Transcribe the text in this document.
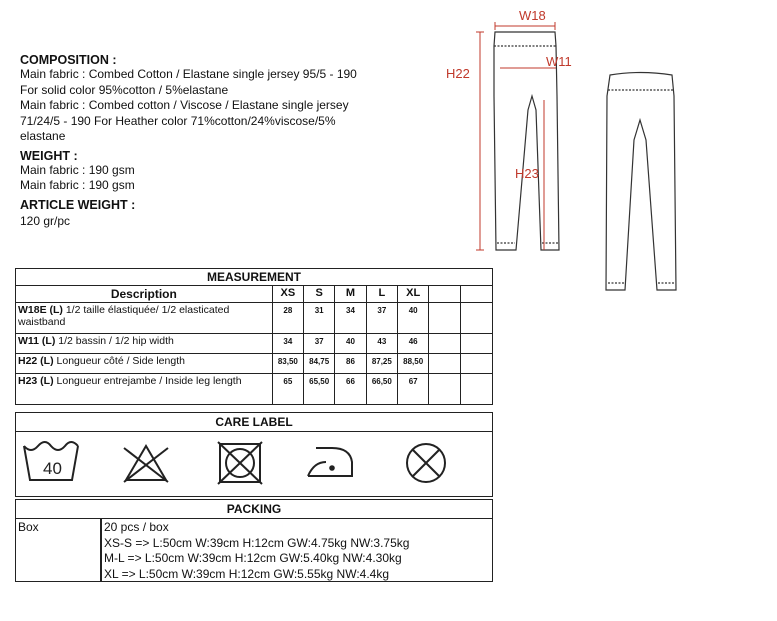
COMPOSITION :
Main fabric : Combed Cotton / Elastane single jersey 95/5 - 190
For solid color 95%cotton / 5%elastane
Main fabric : Combed cotton / Viscose / Elastane single jersey
71/24/5 - 190 For Heather color 71%cotton/24%viscose/5%
elastane
WEIGHT :
Main fabric : 190 gsm
Main fabric : 190 gsm
ARTICLE WEIGHT :
120 gr/pc
W18
W11
H22
H23
MEASUREMENT							
Description	XS	S	M	L	XL		
W18E (L) 1/2 taille élastiquée/ 1/2 elasticated waistband	28	31	34	37	40		
W11 (L) 1/2 bassin / 1/2 hip width	34	37	40	43	46		
H22 (L) Longueur côté / Side length	83,50	84,75	86	87,25	88,50		
H23 (L) Longueur entrejambe / Inside leg length	65	65,50	66	66,50	67		
CARE LABEL
40
PACKING
Box	20 pcs / box
XS-S => L:50cm W:39cm H:12cm GW:4.75kg NW:3.75kg
M-L => L:50cm W:39cm H:12cm GW:5.40kg NW:4.30kg
XL => L:50cm W:39cm H:12cm GW:5.55kg NW:4.4kg
